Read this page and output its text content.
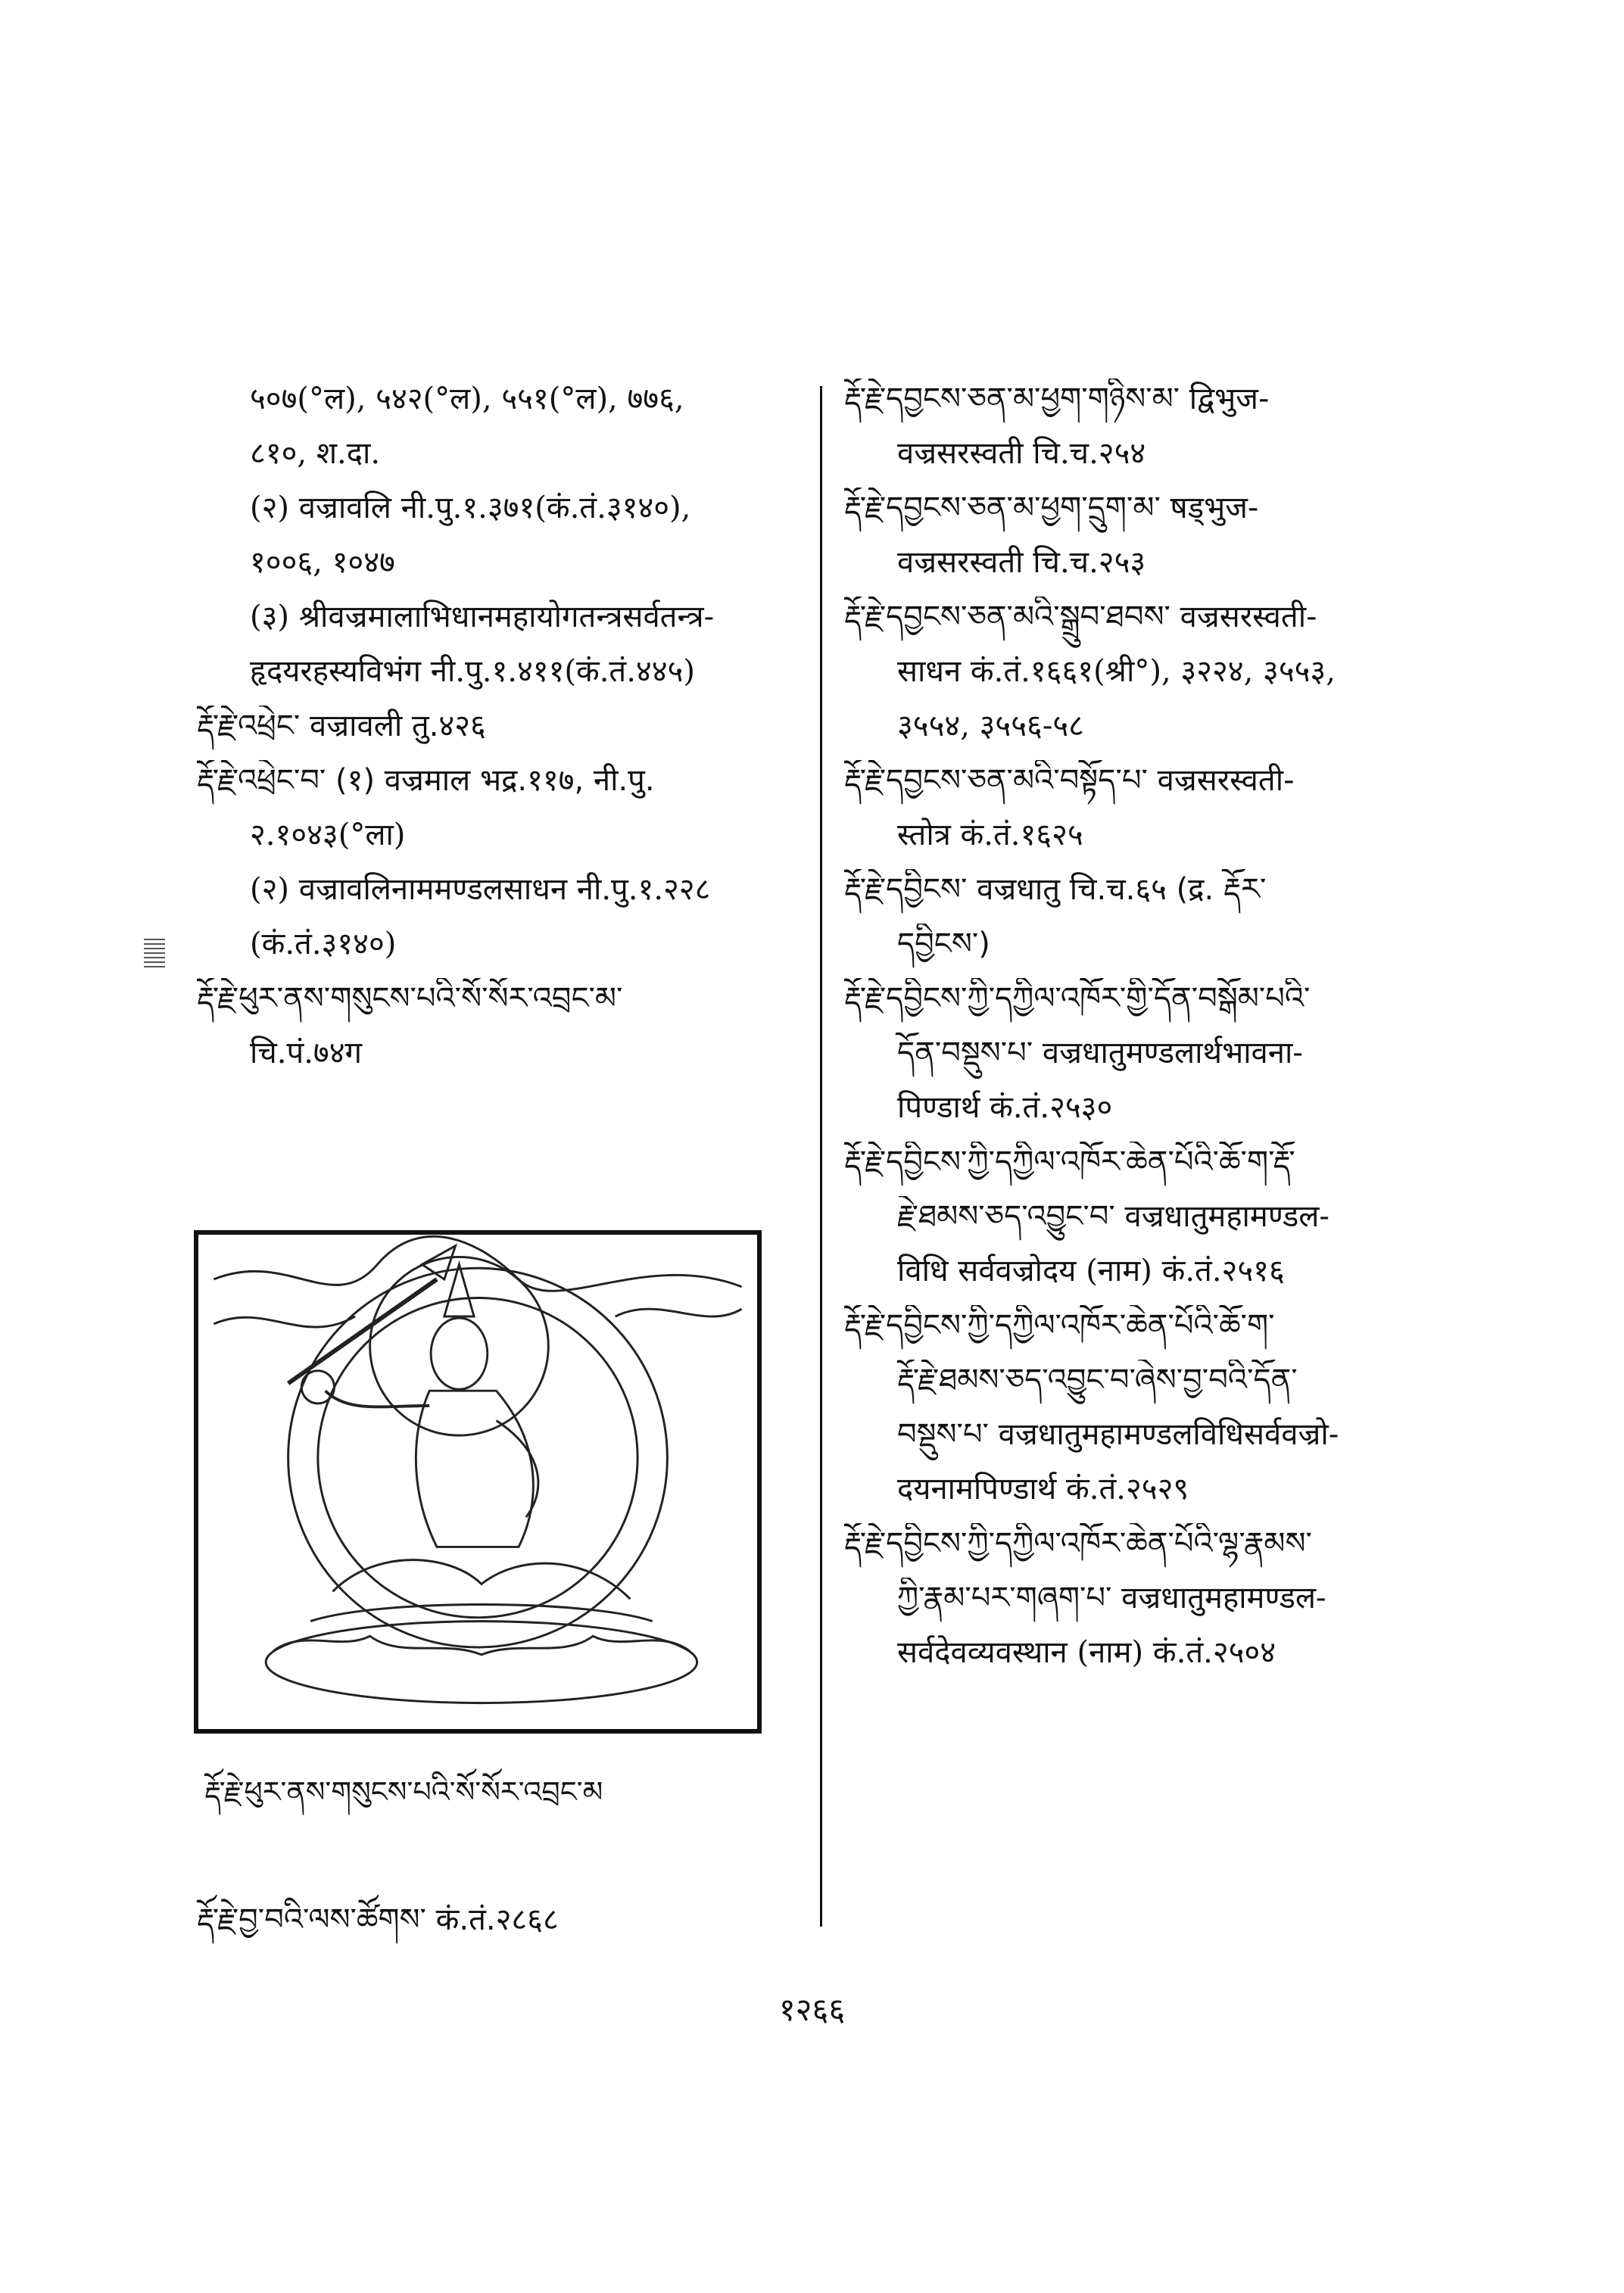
५०७(°ल), ५४२(°ल), ५५१(°ल), ७७६,
८१०, श.दा.
(२) वज्रावलि नी.पु.१.३७१(कं.तं.३१४०),
१००६, १०४७
(३) श्रीवज्रमालाभिधानमहायोगतन्त्रसर्वतन्त्र-
हृदयरहस्यविभंग नी.पु.१.४११(कं.तं.४४५)
རྡོ་རྗེ་འཕྲེང་ वज्रावली तु.४२६
རྡོ་རྗེ་འཕྲེང་བ་ (१) वज्रमाल भद्र.११७, नी.पु.
२.१०४३(°ला)
(२) वज्रावलिनाममण्डलसाधन नी.पु.१.२२८
(कं.तं.३१४०)
རྡོ་རྗེ་ཕུར་ནས་གསུངས་པའི་སོ་སོར་འབྲང་མ་
चि.पं.७४ग
རྡོ་རྗེ་དབྱངས་ཅན་མ་ཕྱག་གཉིས་མ་ द्विभुज-
वज्रसरस्वती चि.च.२५४
རྡོ་རྗེ་དབྱངས་ཅན་མ་ཕྱག་དྲུག་མ་ षड्भुज-
वज्रसरस्वती चि.च.२५३
རྡོ་རྗེ་དབྱངས་ཅན་མའི་སྒྲུབ་ཐབས་ वज्रसरस्वती-
साधन कं.तं.१६६१(श्री°), ३२२४, ३५५३,
३५५४, ३५५६-५८
རྡོ་རྗེ་དབྱངས་ཅན་མའི་བསྟོད་པ་ वज्रसरस्वती-
स्तोत्र कं.तं.१६२५
རྡོ་རྗེ་དབྱིངས་ वज्रधातु चि.च.६५ (द्र. རྡོར་
དབྱིངས་)
རྡོ་རྗེ་དབྱིངས་ཀྱི་དཀྱིལ་འཁོར་གྱི་དོན་བསྒོམ་པའི་
དོན་བསྡུས་པ་ वज्रधातुमण्डलार्थभावना-
पिण्डार्थ कं.तं.२५३०
རྡོ་རྗེ་དབྱིངས་ཀྱི་དཀྱིལ་འཁོར་ཆེན་པོའི་ཆོ་ག་རྡོ་
རྗེ་ཐམས་ཅད་འབྱུང་བ་ वज्रधातुमहामण्डल-
विधि सर्ववज्रोदय (नाम) कं.तं.२५१६
རྡོ་རྗེ་དབྱིངས་ཀྱི་དཀྱིལ་འཁོར་ཆེན་པོའི་ཆོ་ག་
རྡོ་རྗེ་ཐམས་ཅད་འབྱུང་བ་ཞེས་བྱ་བའི་དོན་
བསྡུས་པ་ वज्रधातुमहामण्डलविधिसर्ववज्रो-
दयनामपिण्डार्थ कं.तं.२५२९
རྡོ་རྗེ་དབྱིངས་ཀྱི་དཀྱིལ་འཁོར་ཆེན་པོའི་ལྷ་རྣམས་
ཀྱི་རྣམ་པར་གཞག་པ་ वज्रधातुमहामण्डल-
सर्वदेवव्यवस्थान (नाम) कं.तं.२५०४
རྡོ་རྗེ་ཕུར་ནས་གསུངས་པའི་སོ་སོར་འབྲང་མ
རྡོ་རྗེ་བྱ་བའི་ལས་ཚོགས་ कं.तं.२८६८
१२६६
